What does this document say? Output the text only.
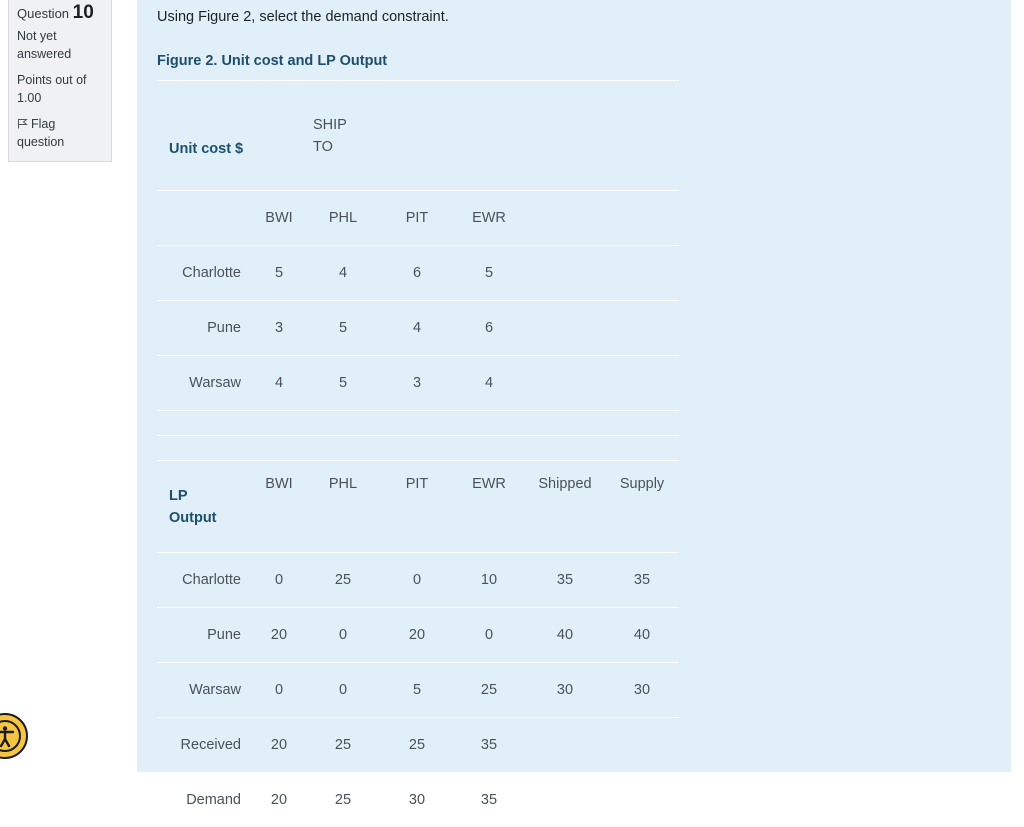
Question 10
Not yet answered
Points out of 1.00
Flag question
Using Figure 2, select the demand constraint.
Figure 2. Unit cost and LP Output
Unit cost $		SHIP
TO				
	BWI	PHL	PIT	EWR		
Charlotte	5	4	6	5		
Pune	3	5	4	6		
Warsaw	4	5	3	4		

LP
Output	BWI	PHL	PIT	EWR	Shipped	Supply
Charlotte	0	25	0	10	35	35
Pune	20	0	20	0	40	40
Warsaw	0	0	5	25	30	30
Received	20	25	25	35		
Demand	20	25	30	35		
